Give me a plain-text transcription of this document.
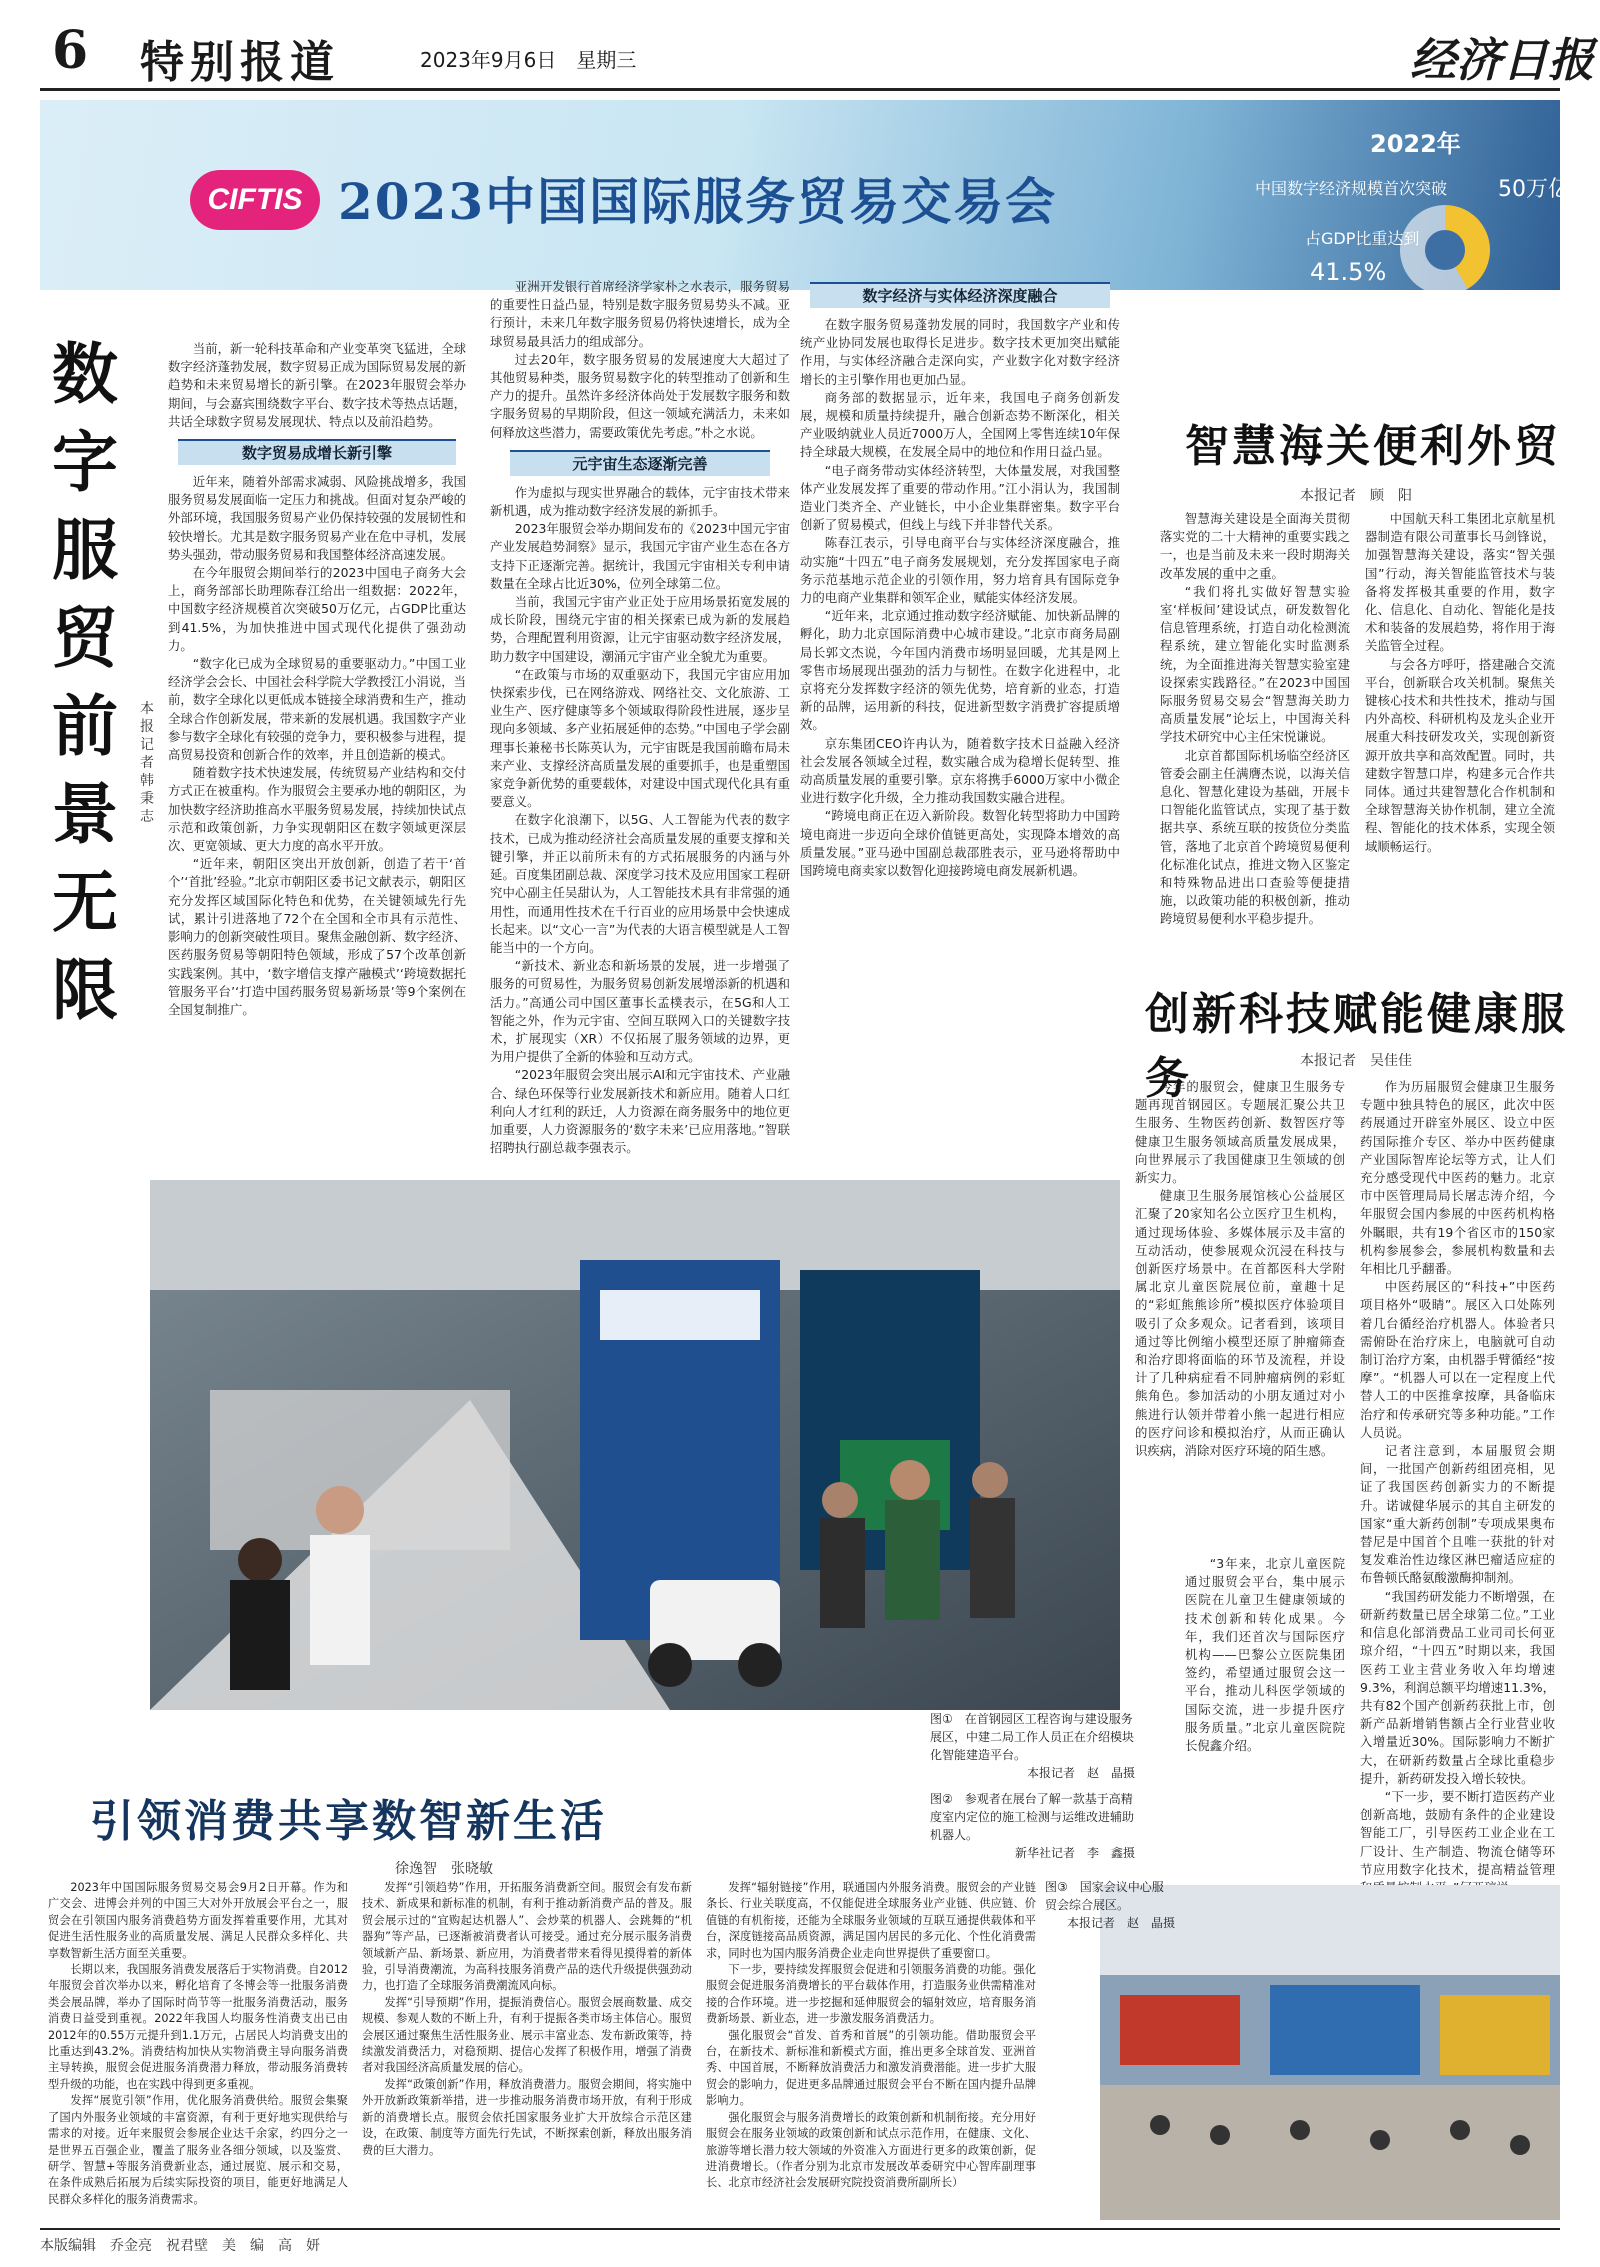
6 特别报道	2023年9月6日　星期三	经济日报
CIFTIS 2023中国国际服务贸易交易会
2022年
中国数字经济规模首次突破 50万亿元
占GDP比重达到
41.5%
数字服贸前景无限
本报记者　韩秉志

当前，新一轮科技革命和产业变革突飞猛进，全球数字经济蓬勃发展，数字贸易正成为国际贸易发展的新趋势和未来贸易增长的新引擎。在2023年服贸会举办期间，与会嘉宾围绕数字平台、数字技术等热点话题，共话全球数字贸易发展现状、特点以及前沿趋势。

数字贸易成增长新引擎

近年来，随着外部需求减弱、风险挑战增多，我国服务贸易发展面临一定压力和挑战。但面对复杂严峻的外部环境，我国服务贸易产业仍保持较强的发展韧性和较快增长。尤其是数字服务贸易产业在危中寻机，发展势头强劲，带动服务贸易和我国整体经济高速发展。

在今年服贸会期间举行的2023中国电子商务大会上，商务部部长助理陈春江给出一组数据：2022年，中国数字经济规模首次突破50万亿元，占GDP比重达到41.5%，为加快推进中国式现代化提供了强劲动力。

“数字化已成为全球贸易的重要驱动力。”中国工业经济学会会长、中国社会科学院大学教授江小涓说，当前，数字全球化以更低成本链接全球消费和生产，推动全球合作创新发展，带来新的发展机遇。我国数字产业参与数字全球化有较强的竞争力，要积极参与进程，提高贸易投资和创新合作的效率，并且创造新的模式。

随着数字技术快速发展，传统贸易产业结构和交付方式正在被重构。作为服贸会主要承办地的朝阳区，为加快数字经济助推高水平服务贸易发展，持续加快试点示范和政策创新，力争实现朝阳区在数字领域更深层次、更宽领域、更大力度的高水平开放。

“近年来，朝阳区突出开放创新，创造了若干‘首个’‘首批’经验。”北京市朝阳区委书记文献表示，朝阳区充分发挥区域国际化特色和优势，在关键领域先行先试，累计引进落地了72个在全国和全市具有示范性、影响力的创新突破性项目。聚焦金融创新、数字经济、医药服务贸易等朝阳特色领域，形成了57个改革创新实践案例。其中，‘数字增信支撑产融模式’‘跨境数据托管服务平台’‘打造中国药服务贸易新场景’等9个案例在全国复制推广。

亚洲开发银行首席经济学家朴之水表示，服务贸易的重要性日益凸显，特别是数字服务贸易势头不减。亚行预计，未来几年数字服务贸易仍将快速增长，成为全球贸易最具活力的组成部分。

过去20年，数字服务贸易的发展速度大大超过了其他贸易种类，服务贸易数字化的转型推动了创新和生产力的提升。虽然许多经济体尚处于发展数字服务和数字服务贸易的早期阶段，但这一领域充满活力，未来如何释放这些潜力，需要政策优先考虑。”朴之水说。

元宇宙生态逐渐完善

作为虚拟与现实世界融合的载体，元宇宙技术带来新机遇，成为推动数字经济发展的新抓手。

2023年服贸会举办期间发布的《2023中国元宇宙产业发展趋势洞察》显示，我国元宇宙产业生态在各方支持下正逐渐完善。据统计，我国元宇宙相关专利申请数量在全球占比近30%，位列全球第二位。

当前，我国元宇宙产业正处于应用场景拓宽发展的成长阶段，围绕元宇宙的相关探索已成为新的发展趋势，合理配置利用资源，让元宇宙驱动数字经济发展，助力数字中国建设，潮涌元宇宙产业全貌尤为重要。

“在政策与市场的双重驱动下，我国元宇宙应用加快探索步伐，已在网络游戏、网络社交、文化旅游、工业生产、医疗健康等多个领域取得阶段性进展，逐步呈现向多领域、多产业拓展延伸的态势。”中国电子学会副理事长兼秘书长陈英认为，元宇宙既是我国前瞻布局未来产业、支撑经济高质量发展的重要抓手，也是重塑国家竞争新优势的重要载体，对建设中国式现代化具有重要意义。

在数字化浪潮下，以5G、人工智能为代表的数字技术，已成为推动经济社会高质量发展的重要支撑和关键引擎，并正以前所未有的方式拓展服务的内涵与外延。百度集团副总裁、深度学习技术及应用国家工程研究中心副主任吴甜认为，人工智能技术具有非常强的通用性，而通用性技术在千行百业的应用场景中会快速成长起来。以“文心一言”为代表的大语言模型就是人工智能当中的一个方向。

“新技术、新业态和新场景的发展，进一步增强了服务的可贸易性，为服务贸易创新发展增添新的机遇和活力。”高通公司中国区董事长孟樸表示，在5G和人工智能之外，作为元宇宙、空间互联网入口的关键数字技术，扩展现实（XR）不仅拓展了服务领域的边界，更为用户提供了全新的体验和互动方式。

“2023年服贸会突出展示AI和元宇宙技术、产业融合、绿色环保等行业发展新技术和新应用。随着人口红利向人才红利的跃迁，人力资源在商务服务中的地位更加重要，人力资源服务的‘数字未来’已应用落地。”智联招聘执行副总裁李强表示。

数字经济与实体经济深度融合

在数字服务贸易蓬勃发展的同时，我国数字产业和传统产业协同发展也取得长足进步。数字技术更加突出赋能作用，与实体经济融合走深向实，产业数字化对数字经济增长的主引擎作用也更加凸显。

商务部的数据显示，近年来，我国电子商务创新发展，规模和质量持续提升，融合创新态势不断深化，相关产业吸纳就业人员近7000万人，全国网上零售连续10年保持全球最大规模，在发展全局中的地位和作用日益凸显。

“电子商务带动实体经济转型，大体量发展，对我国整体产业发展发挥了重要的带动作用。”江小涓认为，我国制造业门类齐全、产业链长，中小企业集群密集。数字平台创新了贸易模式，但线上与线下并非替代关系。

陈春江表示，引导电商平台与实体经济深度融合，推动实施“十四五”电子商务发展规划，充分发挥国家电子商务示范基地示范企业的引领作用，努力培育具有国际竞争力的电商产业集群和领军企业，赋能实体经济发展。

“近年来，北京通过推动数字经济赋能、加快新品牌的孵化，助力北京国际消费中心城市建设。”北京市商务局副局长郭文杰说，今年国内消费市场明显回暖，尤其是网上零售市场展现出强劲的活力与韧性。在数字化进程中，北京将充分发挥数字经济的领先优势，培育新的业态，打造新的品牌，运用新的科技，促进新型数字消费扩容提质增效。

京东集团CEO许冉认为，随着数字技术日益融入经济社会发展各领域全过程，数实融合成为稳增长促转型、推动高质量发展的重要引擎。京东将携手6000万家中小微企业进行数字化升级，全力推动我国数实融合进程。

“跨境电商正在迈入新阶段。数智化转型将助力中国跨境电商进一步迈向全球价值链更高处，实现降本增效的高质量发展。”亚马逊中国副总裁邵胜表示，亚马逊将帮助中国跨境电商卖家以数智化迎接跨境电商发展新机遇。

智慧海关便利外贸
本报记者　顾　阳

智慧海关建设是全面海关贯彻落实党的二十大精神的重要实践之一，也是当前及未来一段时期海关改革发展的重中之重。

“我们将扎实做好智慧实验室‘样板间’建设试点，研发数智化信息管理系统，打造自动化检测流程系统，建立智能化实时监测系统，为全面推进海关智慧实验室建设探索实践路径。”在2023中国国际服务贸易交易会“智慧海关助力高质量发展”论坛上，中国海关科学技术研究中心主任宋悦谦说。

北京首都国际机场临空经济区管委会副主任满膺杰说，以海关信息化、智慧化建设为基础，开展卡口智能化监管试点，实现了基于数据共享、系统互联的按货位分类监管，落地了北京首个跨境贸易便利化标准化试点，推进文物入区鉴定和特殊物品进出口查验等便捷措施，以政策功能的积极创新，推动跨境贸易便利水平稳步提升。

中国航天科工集团北京航星机器制造有限公司董事长马剑锋说，加强智慧海关建设，落实“智关强国”行动，海关智能监管技术与装备将发挥极其重要的作用，数字化、信息化、自动化、智能化是技术和装备的发展趋势，将作用于海关监管全过程。

与会各方呼吁，搭建融合交流平台，创新联合攻关机制。聚焦关键核心技术和共性技术，推动与国内外高校、科研机构及龙头企业开展重大科技研发攻关，实现创新资源开放共享和高效配置。同时，共建数字智慧口岸，构建多元合作共同体。通过共建智慧化合作机制和全球智慧海关协作机制，建立全流程、智能化的技术体系，实现全领域顺畅运行。

创新科技赋能健康服务	本报记者　吴佳佳

今年的服贸会，健康卫生服务专题再现首钢园区。专题展汇聚公共卫生服务、生物医药创新、数智医疗等健康卫生服务领域高质量发展成果，向世界展示了我国健康卫生领域的创新实力。

健康卫生服务展馆核心公益展区汇聚了20家知名公立医疗卫生机构，通过现场体验、多媒体展示及丰富的互动活动，使参展观众沉浸在科技与创新医疗场景中。在首都医科大学附属北京儿童医院展位前，童趣十足的“彩虹熊熊诊所”模拟医疗体验项目吸引了众多观众。记者看到，该项目通过等比例缩小模型还原了肿瘤筛查和治疗即将面临的环节及流程，并设计了几种病症看不同肿瘤病例的彩虹熊角色。参加活动的小朋友通过对小熊进行认领并带着小熊一起进行相应的医疗问诊和模拟治疗，从而正确认识疾病，消除对医疗环境的陌生感。

作为历届服贸会健康卫生服务专题中独具特色的展区，此次中医药展通过开辟室外展区、设立中医药国际推介专区、举办中医药健康产业国际智库论坛等方式，让人们充分感受现代中医药的魅力。北京市中医管理局局长屠志涛介绍，今年服贸会国内参展的中医药机构格外瞩眼，共有19个省区市的150家机构参展参会，参展机构数量和去年相比几乎翻番。

中医药展区的“科技+”中医药项目格外“吸睛”。展区入口处陈列着几台循经治疗机器人。体验者只需俯卧在治疗床上，电脑就可自动制订治疗方案，由机器手臂循经“按摩”。“机器人可以在一定程度上代替人工的中医推拿按摩，具备临床治疗和传承研究等多种功能。”工作人员说。

记者注意到，本届服贸会期间，一批国产创新药组团亮相，见证了我国医药创新实力的不断提升。诺诚健华展示的其自主研发的国家“重大新药创制”专项成果奥布替尼是中国首个且唯一获批的针对复发难治性边缘区淋巴瘤适应症的布鲁顿氏酪氨酸激酶抑制剂。

“我国药研发能力不断增强，在研新药数量已居全球第二位。”工业和信息化部消费品工业司司长何亚琼介绍，“十四五”时期以来，我国医药工业主营业务收入年均增速9.3%，利润总额平均增速11.3%，共有82个国产创新药获批上市，创新产品新增销售额占全行业营业收入增量近30%。国际影响力不断扩大，在研新药数量占全球比重稳步提升，新药研发投入增长较快。

“下一步，要不断打造医药产业创新高地，鼓励有条件的企业建设智能工厂，引导医药工业企业在工厂设计、生产制造、物流仓储等环节应用数字化技术，提高精益管理

“3年来，北京儿童医院通过服贸会平台，集中展示医院在儿童卫生健康领域的技术创新和转化成果。今年，我们还首次与国际医疗机构——巴黎公立医院集团签约，希望通过服贸会这一平台，推动儿科医学领域的国际交流，进一步提升医疗服务质量。”北京儿童医院院长倪鑫介绍。

图①　在首钢园区工程咨询与建设服务展区，中建二局工作人员正在介绍模块化智能建造平台。
本报记者　赵　晶摄
图②　参观者在展台了解一款基于高精度室内定位的施工检测与运维改进辅助机器人。
新华社记者　李　鑫摄
图③　国家会议中心服贸会综合展区。
本报记者　赵　晶摄
引领消费共享数智新生活
徐逸智　张晓敏

2023年中国国际服务贸易交易会9月2日开幕。作为和广交会、进博会并列的中国三大对外开放展会平台之一，服贸会在引领国内服务消费趋势方面发挥着重要作用，尤其对促进生活性服务业的高质量发展、满足人民群众多样化、共享数智新生活方面至关重要。

长期以来，我国服务消费发展落后于实物消费。自2012年服贸会首次举办以来，孵化培育了冬博会等一批服务消费类会展品牌，举办了国际时尚节等一批服务消费活动，服务消费日益受到重视。2022年我国人均服务性消费支出已由2012年的0.55万元提升到1.1万元，占居民人均消费支出的比重达到43.2%。消费结构加快从实物消费主导向服务消费主导转换，服贸会促进服务消费潜力释放，带动服务消费转型升级的功能，也在实践中得到更多重视。

发挥“展览引领”作用，优化服务消费供给。服贸会集聚了国内外服务业领域的丰富资源，有利于更好地实现供给与需求的对接。近年来服贸会参展企业达千余家，约四分之一是世界五百强企业，覆盖了服务业各细分领域，以及鉴赏、研学、智慧+等服务消费新业态，通过展览、展示和交易，在条件成熟后拓展为后续实际投资的项目，能更好地满足人民群众多样化的服务消费需求。

发挥“引领趋势”作用，开拓服务消费新空间。服贸会有发布新技术、新成果和新标准的机制，有利于推动新消费产品的普及。服贸会展示过的“宜购起达机器人”、会炒菜的机器人、会跳舞的“机器狗”等产品，已逐渐被消费者认可接受。通过充分展示服务消费领域新产品、新场景、新应用，为消费者带来看得见摸得着的新体验，引导消费潮流，为高科技服务消费产品的迭代升级提供强劲动力，也打造了全球服务消费潮流风向标。

发挥“引导预期”作用，提振消费信心。服贸会展商数量、成交规模、参观人数的不断上升，有利于提振各类市场主体信心。服贸会展区通过聚焦生活性服务业、展示丰富业态、发布新政策等，持续激发消费活力，对稳预期、提信心发挥了积极作用，增强了消费者对我国经济高质量发展的信心。

发挥“政策创新”作用，释放消费潜力。服贸会期间，将实施中外开放新政策新举措，进一步推动服务消费市场开放，有利于形成新的消费增长点。服贸会依托国家服务业扩大开放综合示范区建设，在政策、制度等方面先行先试，不断探索创新，释放出服务消费的巨大潜力。

发挥“辐射链接”作用，联通国内外服务消费。服贸会的产业链条长、行业关联度高，不仅能促进全球服务业产业链、供应链、价值链的有机衔接，还能为全球服务业领域的互联互通提供载体和平台，深度链接高品质资源，满足国内居民的多元化、个性化消费需求，同时也为国内服务消费企业走向世界提供了重要窗口。

下一步，要持续发挥服贸会促进和引领服务消费的功能。强化服贸会促进服务消费增长的平台载体作用，打造服务业供需精准对接的合作环境。进一步挖掘和延伸服贸会的辐射效应，培育服务消费新场景、新业态，进一步激发服务消费活力。

强化服贸会“首发、首秀和首展”的引领功能。借助服贸会平台，在新技术、新标准和新模式方面，推出更多全球首发、亚洲首秀、中国首展，不断释放消费活力和激发消费潜能。进一步扩大服贸会的影响力，促进更多品牌通过服贸会平台不断在国内提升品牌影响力。

强化服贸会与服务消费增长的政策创新和机制衔接。充分用好服贸会在服务业领域的政策创新和试点示范作用，在健康、文化、旅游等增长潜力较大领域的外资准入方面进行更多的政策创新，促进消费增长。（作者分别为北京市发展改革委研究中心智库副理事长、北京市经济社会发展研究院投资消费所副所长）

本版编辑　乔金亮　祝君壁　美　编　高　妍
